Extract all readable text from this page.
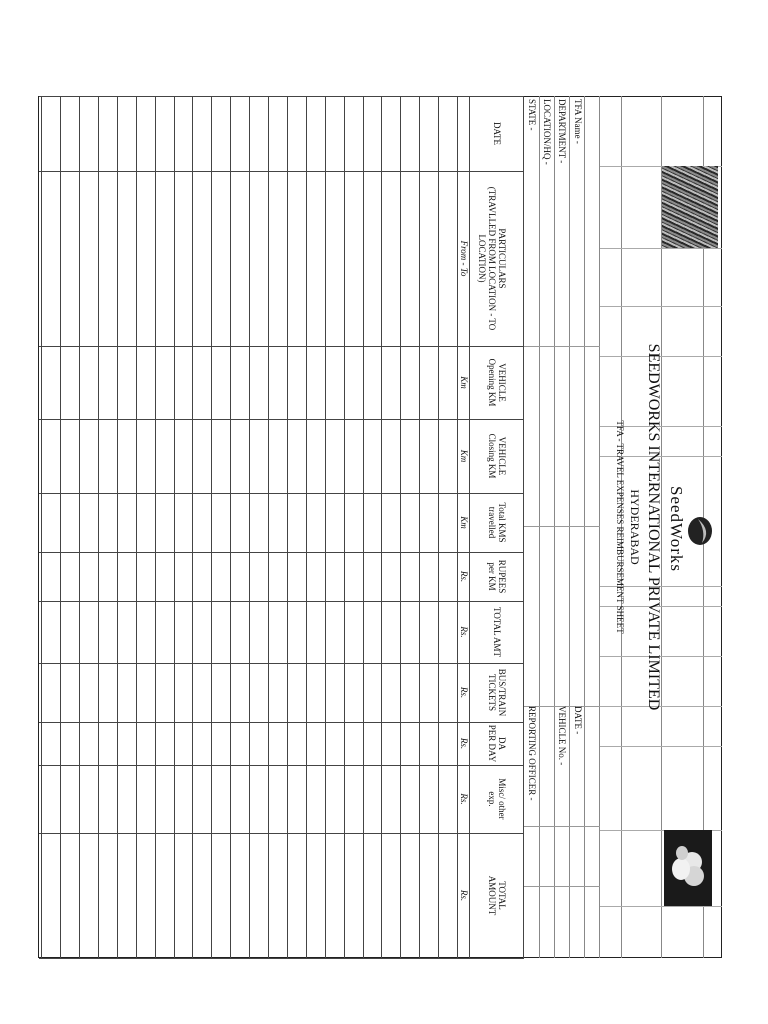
SeedWorks
SEEDWORKS INTERNATIONAL PRIVATE LIMITED
HYDERABAD
TFA - TRAVEL EXPENSES REIMBURSEMENT SHEET
TFA Name -
DEPARTMENT -
LOCATION/HQ -
STATE -
DATE -
VEHICLE No. -
REPORTING OFFICER -
DATE
PARTICULARS
(TRAVLLED FROM LOCATION - TO LOCATION)
From - To
VEHICLE
Opening KM
Km
VEHICLE
Closing KM
Km
Total KMS
travelled
Km
RUPEES
per KM
Rs.
TOTAL AMT
Rs.
BUS/TRAIN
TICKETS
Rs.
DA
PER DAY
Rs.
Misc/ other
exp.
Rs.
TOTAL
AMOUNT
Rs.
